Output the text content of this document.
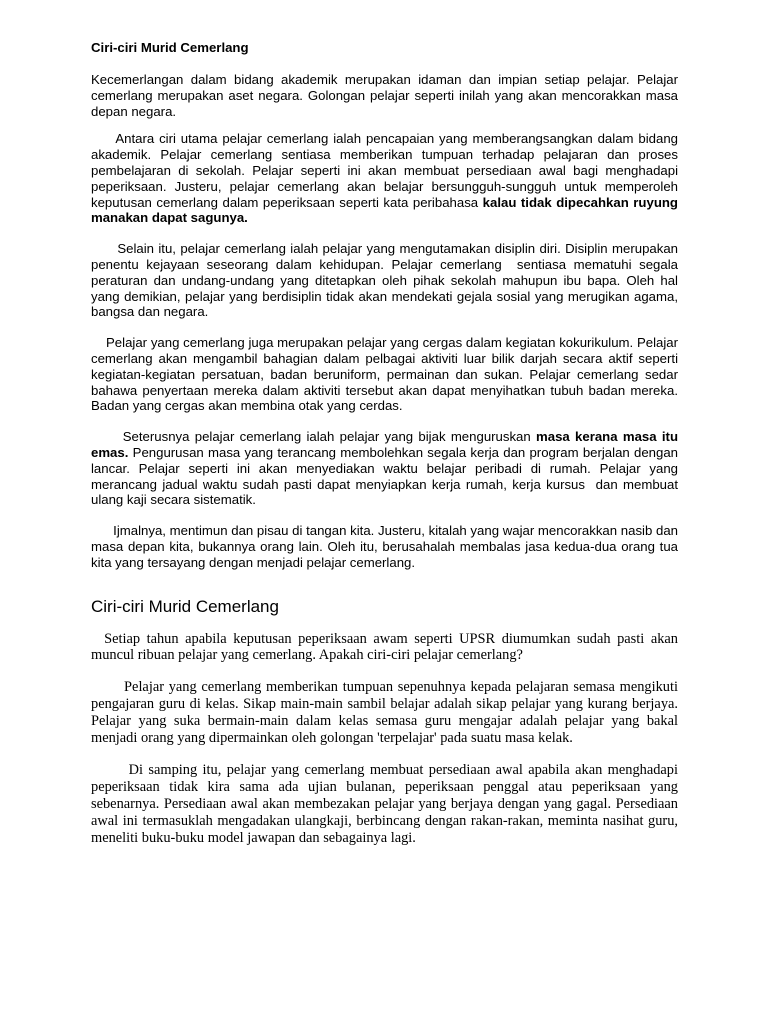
Ciri-ciri Murid Cemerlang

Kecemerlangan dalam bidang akademik merupakan idaman dan impian setiap pelajar. Pelajar cemerlang merupakan aset negara. Golongan pelajar seperti inilah yang akan mencorakkan masa depan negara.

Antara ciri utama pelajar cemerlang ialah pencapaian yang memberangsangkan dalam bidang akademik. Pelajar cemerlang sentiasa memberikan tumpuan terhadap pelajaran dan proses pembelajaran di sekolah. Pelajar seperti ini akan membuat persediaan awal bagi menghadapi peperiksaan. Justeru, pelajar cemerlang akan belajar bersungguh-sungguh untuk memperoleh keputusan cemerlang dalam peperiksaan seperti kata peribahasa kalau tidak dipecahkan ruyung manakan dapat sagunya.

Selain itu, pelajar cemerlang ialah pelajar yang mengutamakan disiplin diri. Disiplin merupakan penentu kejayaan seseorang dalam kehidupan. Pelajar cemerlang  sentiasa mematuhi segala peraturan dan undang-undang yang ditetapkan oleh pihak sekolah mahupun ibu bapa. Oleh hal yang demikian, pelajar yang berdisiplin tidak akan mendekati gejala sosial yang merugikan agama, bangsa dan negara.

Pelajar yang cemerlang juga merupakan pelajar yang cergas dalam kegiatan kokurikulum. Pelajar cemerlang akan mengambil bahagian dalam pelbagai aktiviti luar bilik darjah secara aktif seperti kegiatan-kegiatan persatuan, badan beruniform, permainan dan sukan. Pelajar cemerlang sedar bahawa penyertaan mereka dalam aktiviti tersebut akan dapat menyihatkan tubuh badan mereka. Badan yang cergas akan membina otak yang cerdas.

Seterusnya pelajar cemerlang ialah pelajar yang bijak menguruskan masa kerana masa itu emas. Pengurusan masa yang terancang membolehkan segala kerja dan program berjalan dengan lancar. Pelajar seperti ini akan menyediakan waktu belajar peribadi di rumah. Pelajar yang merancang jadual waktu sudah pasti dapat menyiapkan kerja rumah, kerja kursus  dan membuat ulang kaji secara sistematik.

Ijmalnya, mentimun dan pisau di tangan kita. Justeru, kitalah yang wajar mencorakkan nasib dan masa depan kita, bukannya orang lain. Oleh itu, berusahalah membalas jasa kedua-dua orang tua kita yang tersayang dengan menjadi pelajar cemerlang.

Ciri-ciri Murid Cemerlang

Setiap tahun apabila keputusan peperiksaan awam seperti UPSR diumumkan sudah pasti akan muncul ribuan pelajar yang cemerlang. Apakah ciri-ciri pelajar cemerlang?

Pelajar yang cemerlang memberikan tumpuan sepenuhnya kepada pelajaran semasa mengikuti pengajaran guru di kelas. Sikap main-main sambil belajar adalah sikap pelajar yang kurang berjaya. Pelajar yang suka bermain-main dalam kelas semasa guru mengajar adalah pelajar yang bakal menjadi orang yang dipermainkan oleh golongan 'terpelajar' pada suatu masa kelak.

Di samping itu, pelajar yang cemerlang membuat persediaan awal apabila akan menghadapi peperiksaan tidak kira sama ada ujian bulanan, peperiksaan penggal atau peperiksaan yang sebenarnya. Persediaan awal akan membezakan pelajar yang berjaya dengan yang gagal. Persediaan awal ini termasuklah mengadakan ulangkaji, berbincang dengan rakan-rakan, meminta nasihat guru, meneliti buku-buku model jawapan dan sebagainya lagi.
